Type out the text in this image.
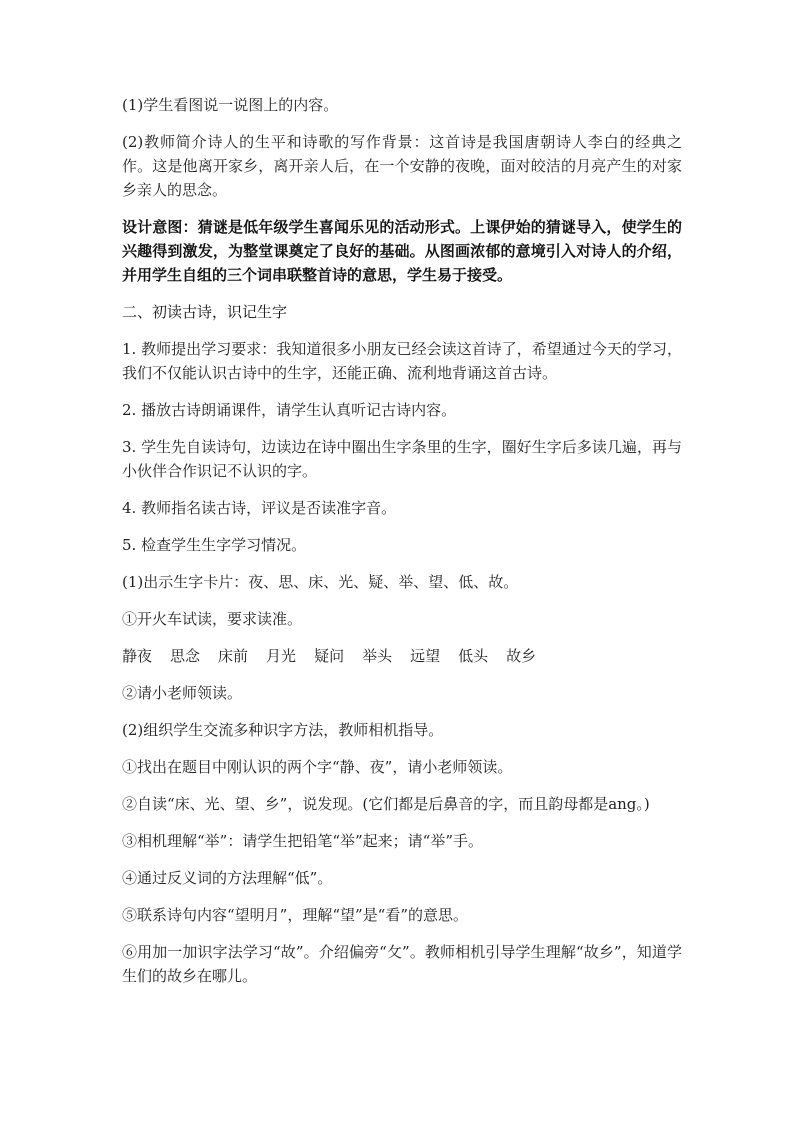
(1)学生看图说一说图上的内容。

(2)教师简介诗人的生平和诗歌的写作背景：这首诗是我国唐朝诗人李白的经典之作。这是他离开家乡，离开亲人后，在一个安静的夜晚，面对皎洁的月亮产生的对家乡亲人的思念。

设计意图：猜谜是低年级学生喜闻乐见的活动形式。上课伊始的猜谜导入，使学生的兴趣得到激发，为整堂课奠定了良好的基础。从图画浓郁的意境引入对诗人的介绍，并用学生自组的三个词串联整首诗的意思，学生易于接受。

二、初读古诗，识记生字

1. 教师提出学习要求：我知道很多小朋友已经会读这首诗了，希望通过今天的学习，我们不仅能认识古诗中的生字，还能正确、流利地背诵这首古诗。

2. 播放古诗朗诵课件，请学生认真听记古诗内容。

3. 学生先自读诗句，边读边在诗中圈出生字条里的生字，圈好生字后多读几遍，再与小伙伴合作识记不认识的字。

4. 教师指名读古诗，评议是否读准字音。

5. 检查学生生字学习情况。

(1)出示生字卡片：夜、思、床、光、疑、举、望、低、故。

①开火车试读，要求读准。

静夜 思念 床前 月光 疑问 举头 远望 低头 故乡

②请小老师领读。

(2)组织学生交流多种识字方法，教师相机指导。

①找出在题目中刚认识的两个字“静、夜”，请小老师领读。

②自读“床、光、望、乡”，说发现。(它们都是后鼻音的字，而且韵母都是ang。)

③相机理解“举”：请学生把铅笔“举”起来；请“举”手。

④通过反义词的方法理解“低”。

⑤联系诗句内容“望明月”，理解“望”是“看”的意思。

⑥用加一加识字法学习“故”。介绍偏旁“攵”。教师相机引导学生理解“故乡”，知道学生们的故乡在哪儿。
